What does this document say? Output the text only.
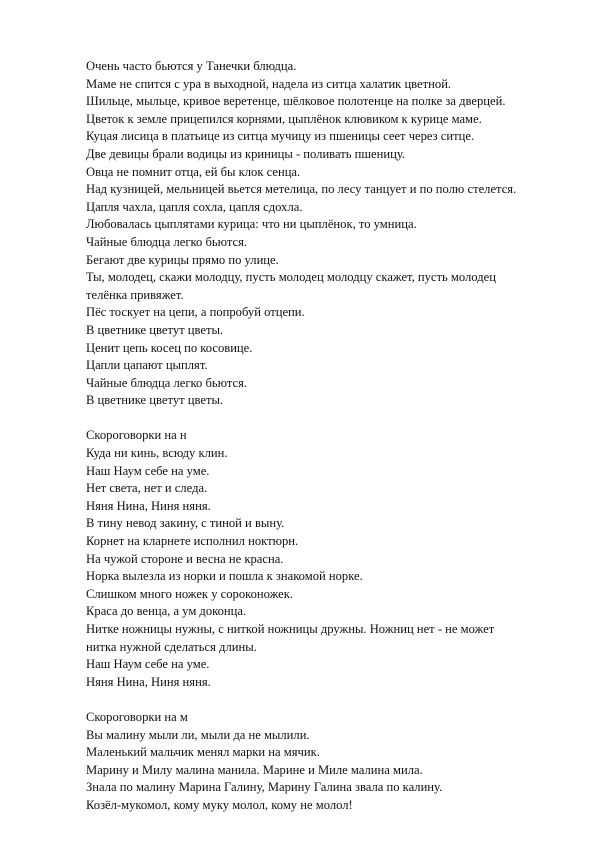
Очень часто бьются у Танечки блюдца.
Маме не спится с ура в выходной, надела из ситца халатик цветной.
Шильце, мыльце, кривое веретенце, шёлковое полотенце на полке за дверцей.
Цветок к земле прицепился корнями, цыплёнок клювиком к курице маме.
Куцая лисица в платьице из ситца мучицу из пшеницы сеет через ситце.
Две девицы брали водицы из криницы - поливать пшеницу.
Овца не помнит отца, ей бы клок сенца.
Над кузницей, мельницей вьется метелица, по лесу танцует и по полю стелется.
Цапля чахла, цапля сохла, цапля сдохла.
Любовалась цыплятами курица: что ни цыплёнок, то умница.
Чайные блюдца легко бьются.
Бегают две курицы прямо по улице.
Ты, молодец, скажи молодцу, пусть молодец молодцу скажет, пусть молодец
телёнка привяжет.
Пёс тоскует на цепи, а попробуй отцепи.
В цветнике цветут цветы.
Ценит цепь косец по косовице.
Цапли цапают цыплят.
Чайные блюдца легко бьются.
В цветнике цветут цветы.
Скороговорки на н
Куда ни кинь, всюду клин.
Наш Наум себе на уме.
Нет света, нет и следа.
Няня Нина, Ниня няня.
В тину невод закину, с тиной и выну.
Корнет на кларнете исполнил ноктюрн.
На чужой стороне и весна не красна.
Норка вылезла из норки и пошла к знакомой норке.
Слишком много ножек у сороконожек.
Краса до венца, а ум доконца.
Нитке ножницы нужны, с ниткой ножницы дружны. Ножниц нет - не может
нитка нужной сделаться длины.
Наш Наум себе на уме.
Няня Нина, Ниня няня.
Скороговорки на м
Вы малину мыли ли, мыли да не мылили.
Маленький мальчик менял марки на мячик.
Марину и Милу малина манила. Марине и Миле малина мила.
Знала по малину Марина Галину, Марину Галина звала по калину.
Козёл-мукомол, кому муку молол, кому не молол!
